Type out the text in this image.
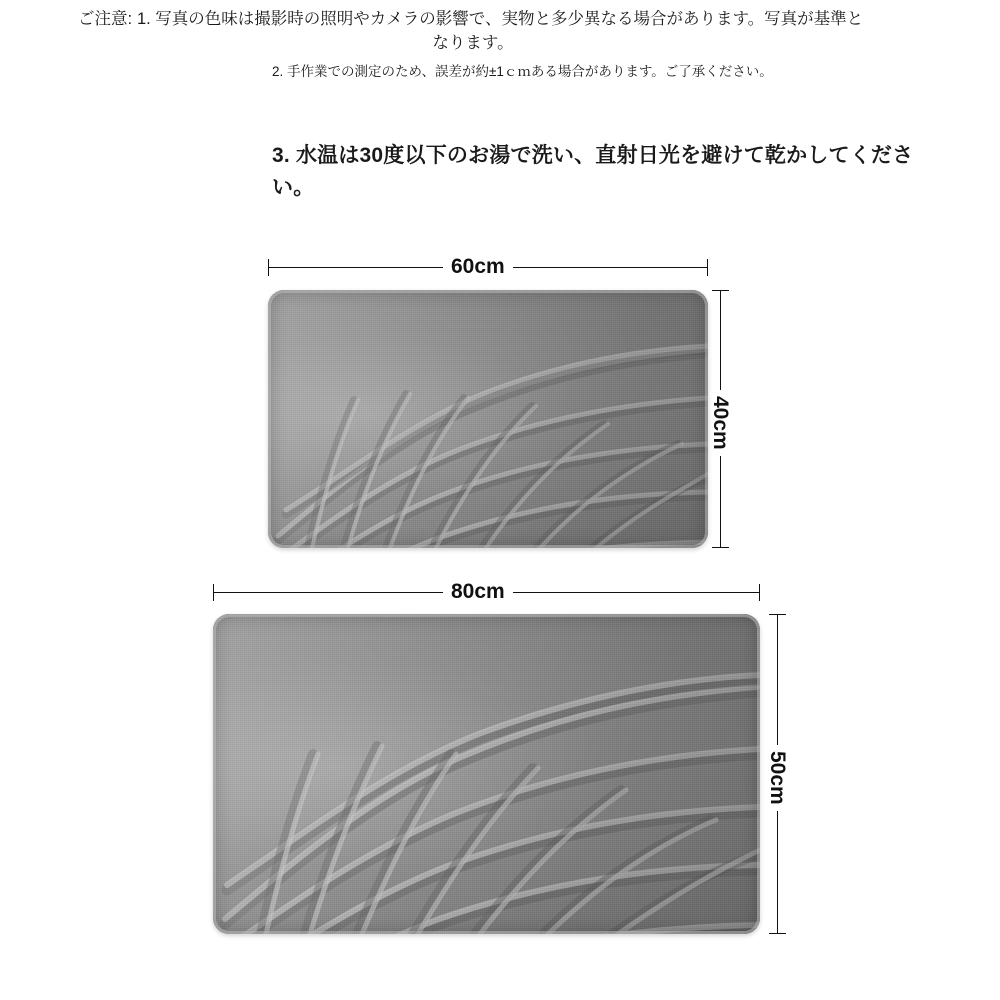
ご注意: 1. 写真の色味は撮影時の照明やカメラの影響で、実物と多少異なる場合があります。写真が基準となります。
2. 手作業での測定のため、誤差が約±1ｃｍある場合があります。ご了承ください。
3. 水温は30度以下のお湯で洗い、直射日光を避けて乾かしてください。
60cm
40cm
80cm
50cm
